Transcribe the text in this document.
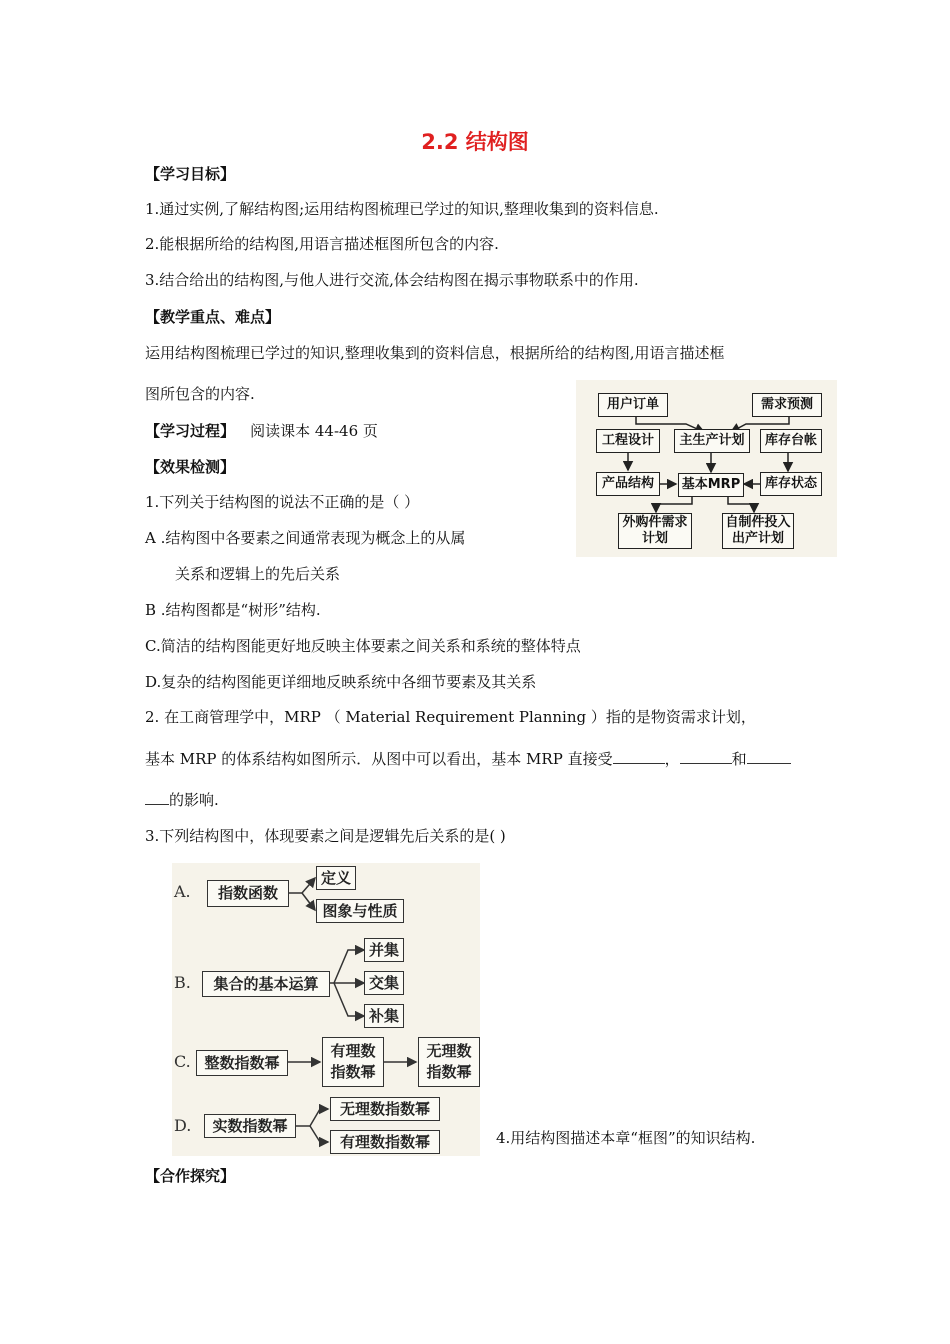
2.2 结构图
【学习目标】
1.通过实例,了解结构图;运用结构图梳理已学过的知识,整理收集到的资料信息.
2.能根据所给的结构图,用语言描述框图所包含的内容.
3.结合给出的结构图,与他人进行交流,体会结构图在揭示事物联系中的作用.
【教学重点、难点】
运用结构图梳理已学过的知识,整理收集到的资料信息，根据所给的结构图,用语言描述框
图所包含的内容.
【学习过程】 阅读课本 44-46 页
【效果检测】
1.下列关于结构图的说法不正确的是（ ）
A .结构图中各要素之间通常表现为概念上的从属
关系和逻辑上的先后关系
B .结构图都是“树形”结构.
C.简洁的结构图能更好地反映主体要素之间关系和系统的整体特点
D.复杂的结构图能更详细地反映系统中各细节要素及其关系
2. 在工商管理学中，MRP （ Material Requirement Planning ）指的是物资需求计划，
基本 MRP 的体系结构如图所示．从图中可以看出，基本 MRP 直接受	，	和
的影响.
3.下列结构图中，体现要素之间是逻辑先后关系的是( )
用户订单	需求预测
工程设计	主生产计划	库存台帐
产品结构	基本MRP	库存状态
外购件需求计划
自制件投入出产计划
A.	指数函数
定义
图象与性质
B.	集合的基本运算
并集
交集
补集
C. 整数指数幂
有理数指数幂
无理数指数幂
D.	实数指数幂
无理数指数幂
有理数指数幂	4.用结构图描述本章“框图”的知识结构.
【合作探究】
